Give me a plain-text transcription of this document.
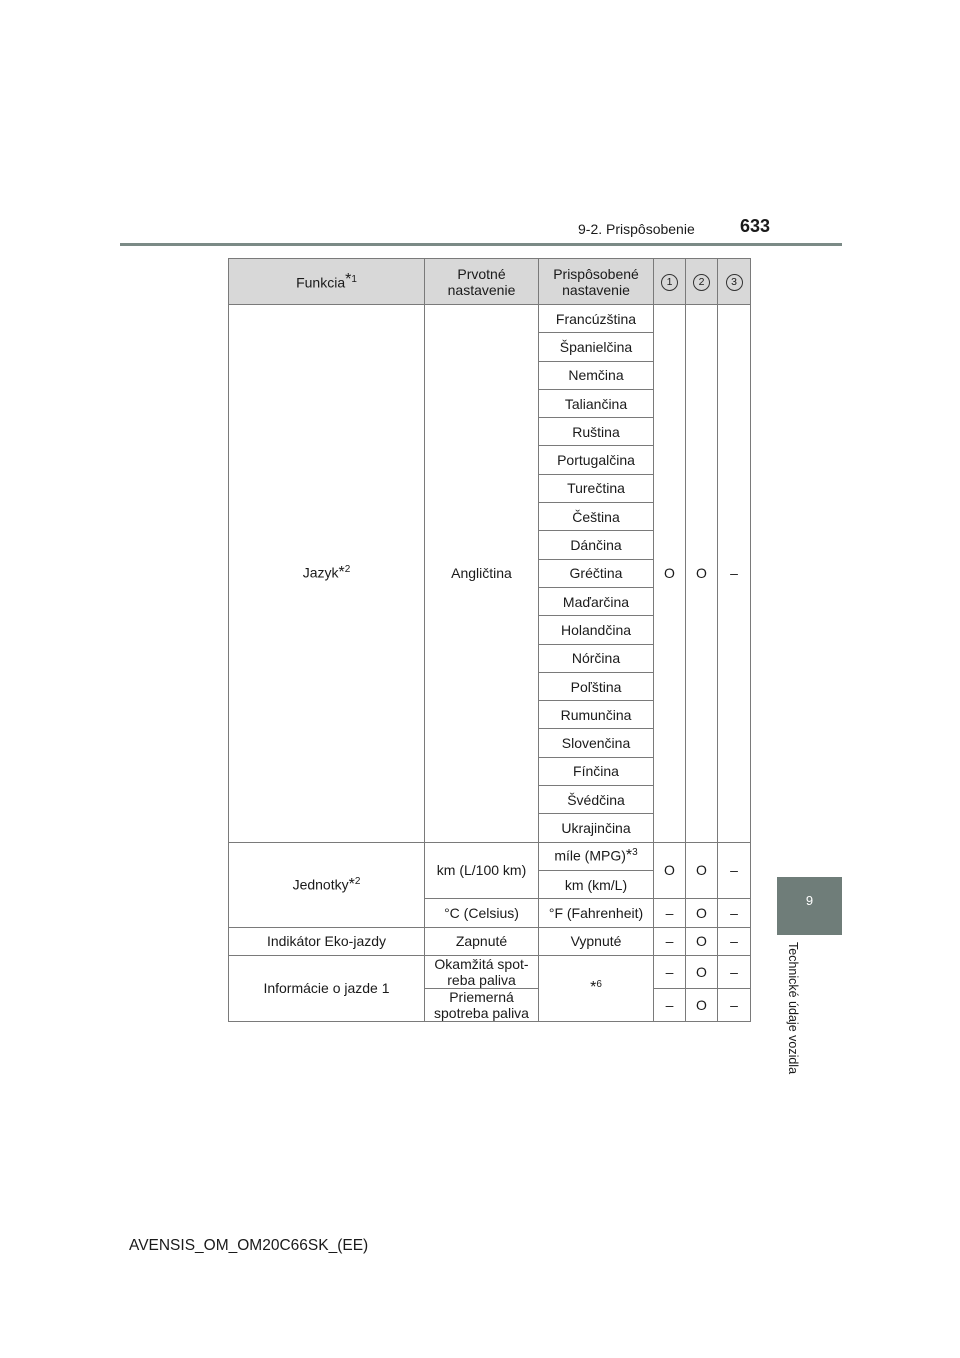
9-2. Prispôsobenie	633
9
Technické údaje vozidla
Funkcia*$^1$	Prvotné nastavenie	Prispôsobené nastavenie	1	2	3
Jazyk*$^2$	Angličtina	Francúzština	O	O	–
		Španielčina			
		Nemčina			
		Taliančina			
		Ruština			
		Portugalčina			
		Turečtina			
		Čeština			
		Dánčina			
		Gréčtina			
		Maďarčina			
		Holandčina			
		Nórčina			
		Poľština			
		Rumunčina			
		Slovenčina			
		Fínčina			
		Švédčina			
		Ukrajinčina			
Jednotky*$^2$	km (L/100 km)	míle (MPG)*$^3$	O	O	–
		km (km/L)			
	°C (Celsius)	°F (Fahrenheit)	–	O	–
Indikátor Eko-jazdy	Zapnuté	Vypnuté	–	O	–
Informácie o jazde 1	Okamžitá spot-reba paliva	*$^6$	–	O	–
	Priemerná spotreba paliva		–	O	–
AVENSIS_OM_OM20C66SK_(EE)
